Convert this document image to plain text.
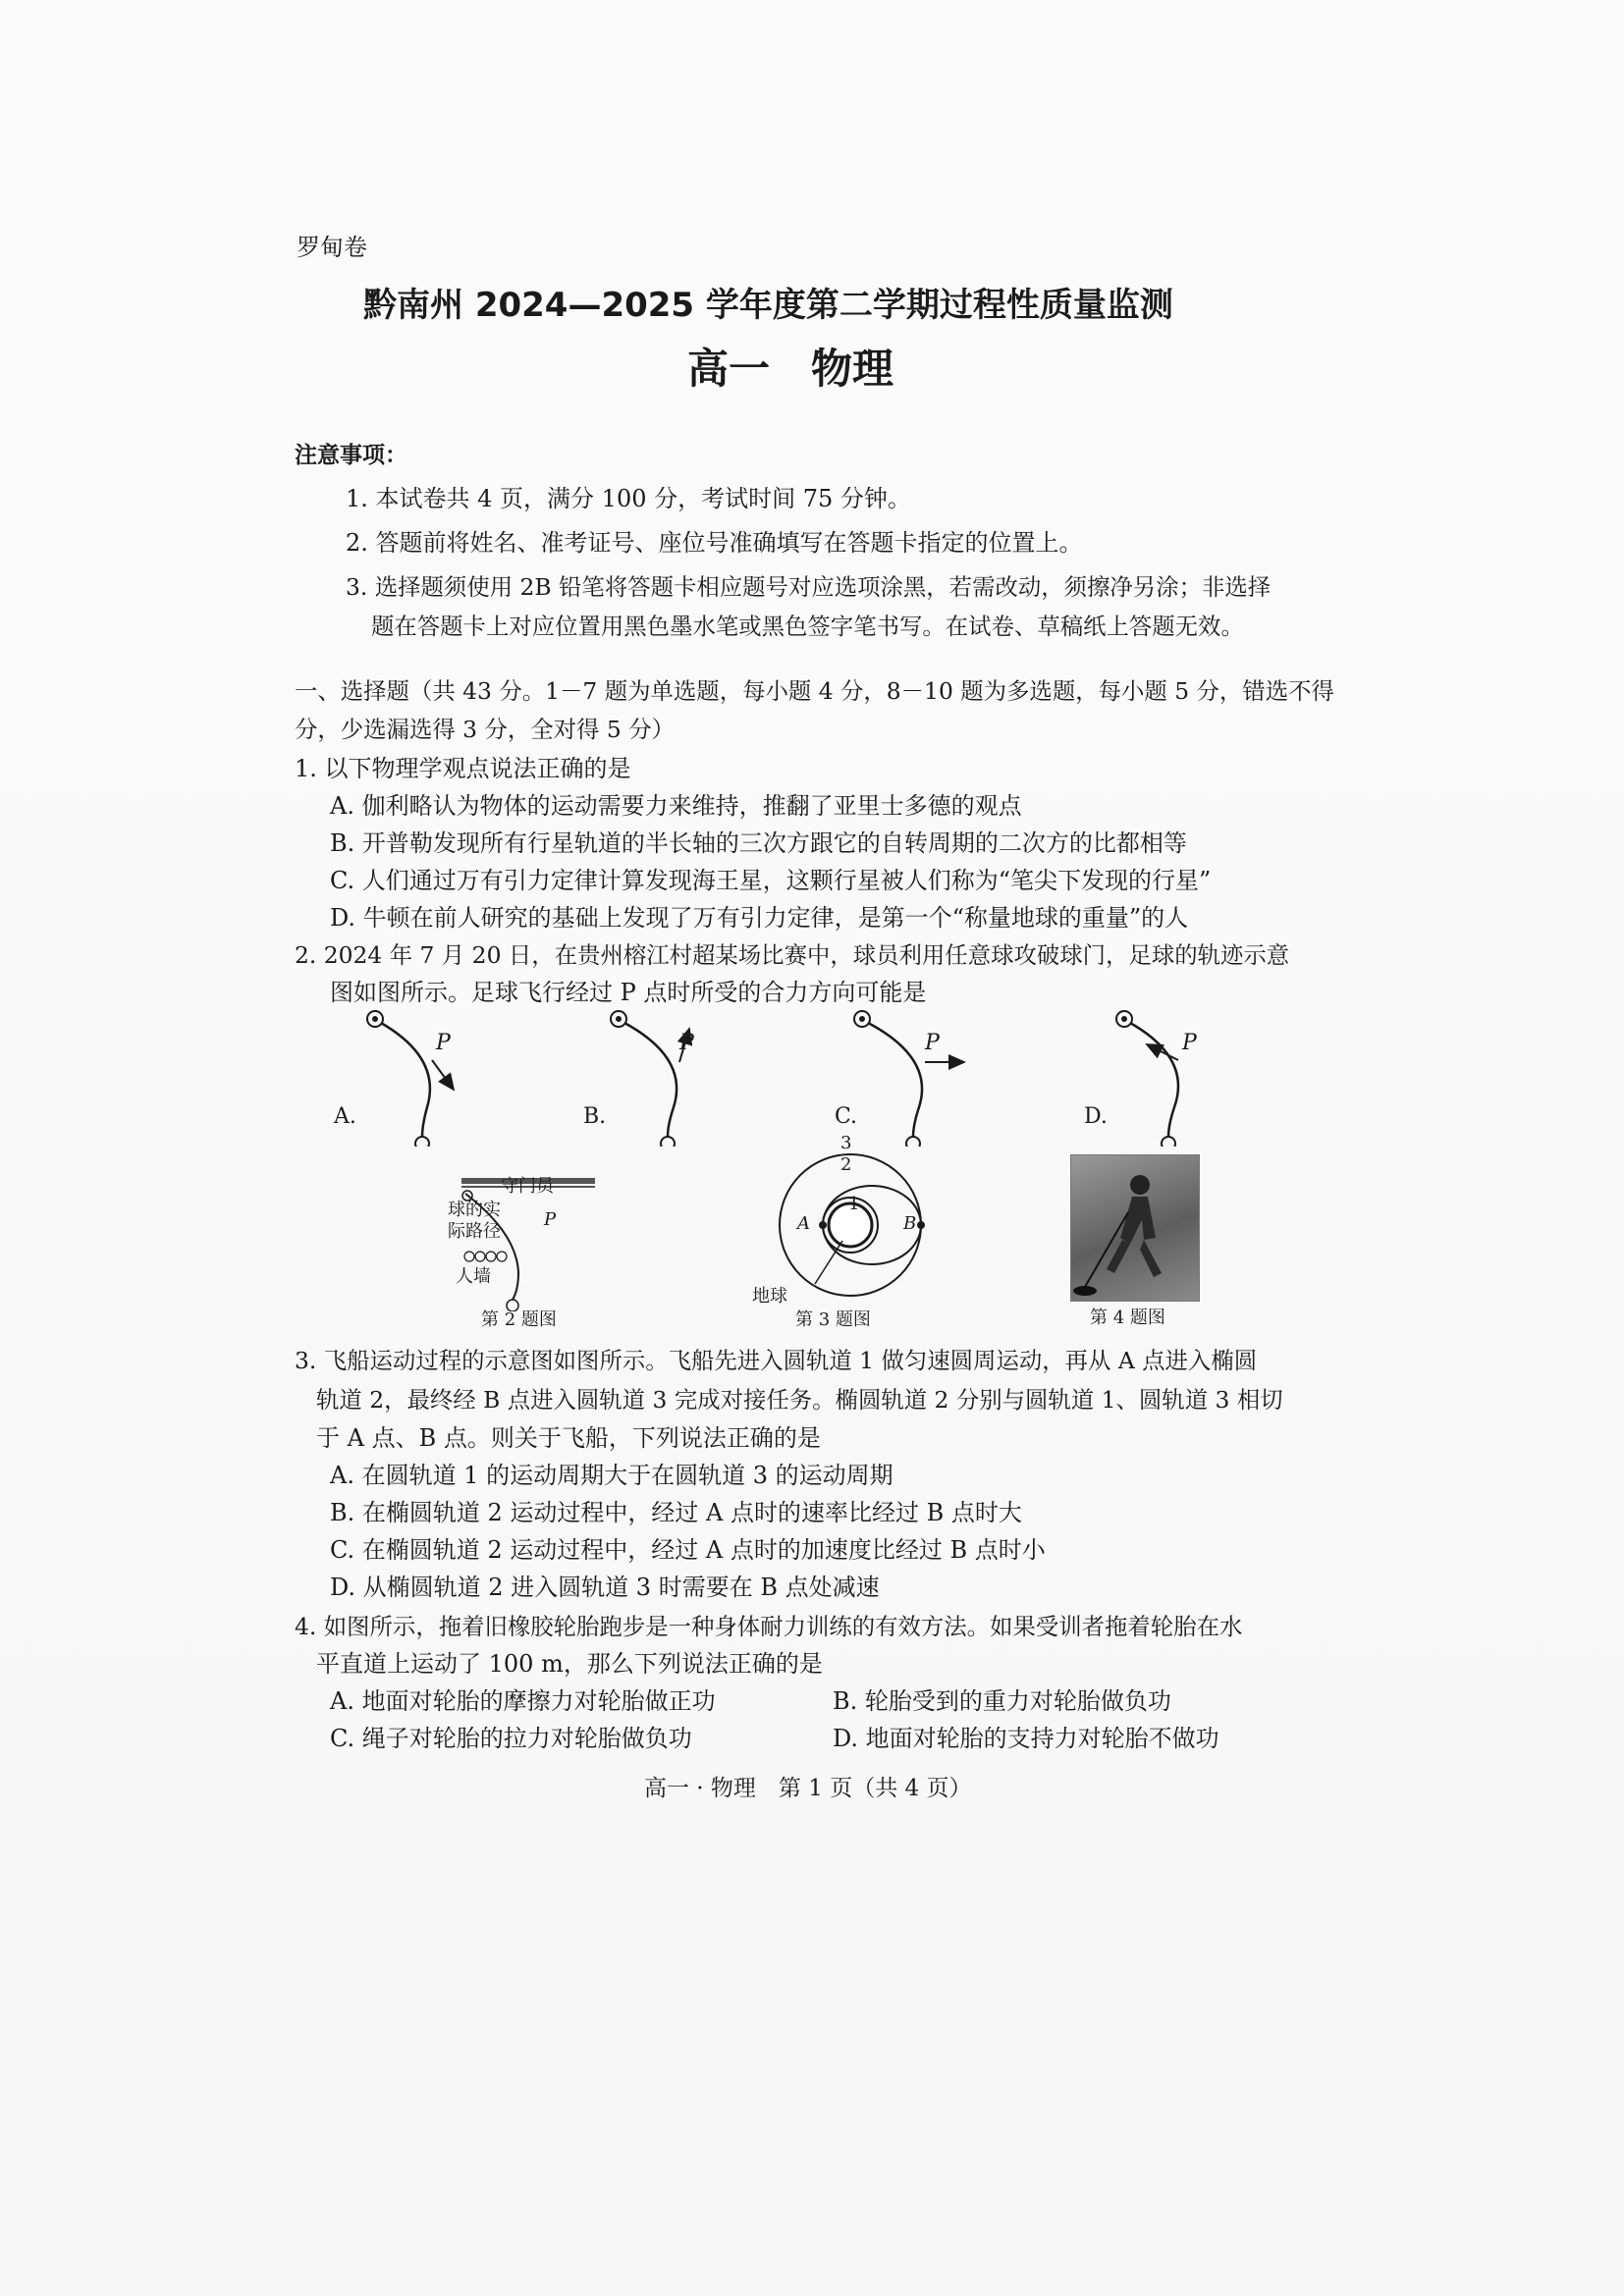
罗甸卷
黔南州 2024—2025 学年度第二学期过程性质量监测
高一　物理
注意事项：
1. 本试卷共 4 页，满分 100 分，考试时间 75 分钟。
2. 答题前将姓名、准考证号、座位号准确填写在答题卡指定的位置上。
3. 选择题须使用 2B 铅笔将答题卡相应题号对应选项涂黑，若需改动，须擦净另涂；非选择
题在答题卡上对应位置用黑色墨水笔或黑色签字笔书写。在试卷、草稿纸上答题无效。
一、选择题（共 43 分。1－7 题为单选题，每小题 4 分，8－10 题为多选题，每小题 5 分，错选不得
分，少选漏选得 3 分，全对得 5 分）
1. 以下物理学观点说法正确的是
A. 伽利略认为物体的运动需要力来维持，推翻了亚里士多德的观点
B. 开普勒发现所有行星轨道的半长轴的三次方跟它的自转周期的二次方的比都相等
C. 人们通过万有引力定律计算发现海王星，这颗行星被人们称为“笔尖下发现的行星”
D. 牛顿在前人研究的基础上发现了万有引力定律，是第一个“称量地球的重量”的人
2. 2024 年 7 月 20 日，在贵州榕江村超某场比赛中，球员利用任意球攻破球门，足球的轨迹示意
图如图所示。足球飞行经过 P 点时所受的合力方向可能是
P	P	P	P
A.	B.	C.	D.
守门员
球的实
际路径
P
人墙
第 2 题图
3
2
1
A	B
地球
第 3 题图	第 4 题图
3. 飞船运动过程的示意图如图所示。飞船先进入圆轨道 1 做匀速圆周运动，再从 A 点进入椭圆
轨道 2，最终经 B 点进入圆轨道 3 完成对接任务。椭圆轨道 2 分别与圆轨道 1、圆轨道 3 相切
于 A 点、B 点。则关于飞船，下列说法正确的是
A. 在圆轨道 1 的运动周期大于在圆轨道 3 的运动周期
B. 在椭圆轨道 2 运动过程中，经过 A 点时的速率比经过 B 点时大
C. 在椭圆轨道 2 运动过程中，经过 A 点时的加速度比经过 B 点时小
D. 从椭圆轨道 2 进入圆轨道 3 时需要在 B 点处减速
4. 如图所示，拖着旧橡胶轮胎跑步是一种身体耐力训练的有效方法。如果受训者拖着轮胎在水
平直道上运动了 100 m，那么下列说法正确的是
A. 地面对轮胎的摩擦力对轮胎做正功	B. 轮胎受到的重力对轮胎做负功
C. 绳子对轮胎的拉力对轮胎做负功	D. 地面对轮胎的支持力对轮胎不做功
高一 · 物理　第 1 页（共 4 页）
